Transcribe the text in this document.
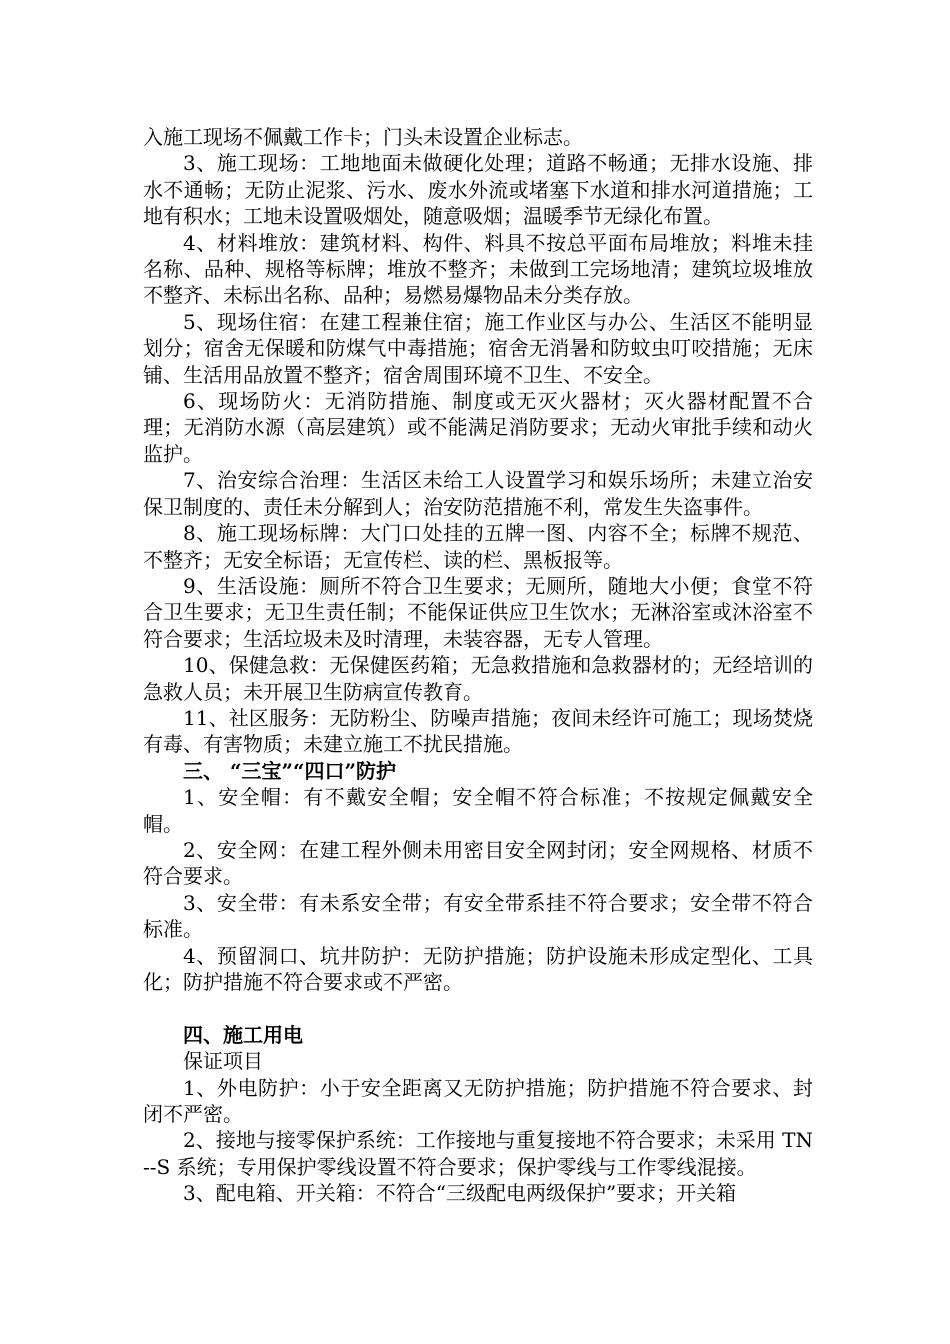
入施工现场不佩戴工作卡；门头未设置企业标志。

3、施工现场：工地地面未做硬化处理；道路不畅通；无排水设施、排水不通畅；无防止泥浆、污水、废水外流或堵塞下水道和排水河道措施；工地有积水；工地未设置吸烟处，随意吸烟；温暖季节无绿化布置。

4、材料堆放：建筑材料、构件、料具不按总平面布局堆放；料堆未挂名称、品种、规格等标牌；堆放不整齐；未做到工完场地清；建筑垃圾堆放不整齐、未标出名称、品种；易燃易爆物品未分类存放。

5、现场住宿：在建工程兼住宿；施工作业区与办公、生活区不能明显划分；宿舍无保暖和防煤气中毒措施；宿舍无消暑和防蚊虫叮咬措施；无床铺、生活用品放置不整齐；宿舍周围环境不卫生、不安全。

6、现场防火：无消防措施、制度或无灭火器材；灭火器材配置不合理；无消防水源（高层建筑）或不能满足消防要求；无动火审批手续和动火监护。

7、治安综合治理：生活区未给工人设置学习和娱乐场所；未建立治安保卫制度的、责任未分解到人；治安防范措施不利，常发生失盗事件。

8、施工现场标牌：大门口处挂的五牌一图、内容不全；标牌不规范、不整齐；无安全标语；无宣传栏、读的栏、黑板报等。

9、生活设施：厕所不符合卫生要求；无厕所，随地大小便；食堂不符合卫生要求；无卫生责任制；不能保证供应卫生饮水；无淋浴室或沐浴室不符合要求；生活垃圾未及时清理，未装容器，无专人管理。

10、保健急救：无保健医药箱；无急救措施和急救器材的；无经培训的急救人员；未开展卫生防病宣传教育。

11、社区服务：无防粉尘、防噪声措施；夜间未经许可施工；现场焚烧有毒、有害物质；未建立施工不扰民措施。

三、 “三宝”“四口”防护

1、安全帽：有不戴安全帽；安全帽不符合标准；不按规定佩戴安全帽。

2、安全网：在建工程外侧未用密目安全网封闭；安全网规格、材质不符合要求。

3、安全带：有未系安全带；有安全带系挂不符合要求；安全带不符合标准。

4、预留洞口、坑井防护：无防护措施；防护设施未形成定型化、工具化；防护措施不符合要求或不严密。

四、施工用电

保证项目

1、外电防护：小于安全距离又无防护措施；防护措施不符合要求、封闭不严密。

2、接地与接零保护系统：工作接地与重复接地不符合要求；未采用 TN--S 系统；专用保护零线设置不符合要求；保护零线与工作零线混接。

3、配电箱、开关箱：不符合“三级配电两级保护”要求；开关箱
